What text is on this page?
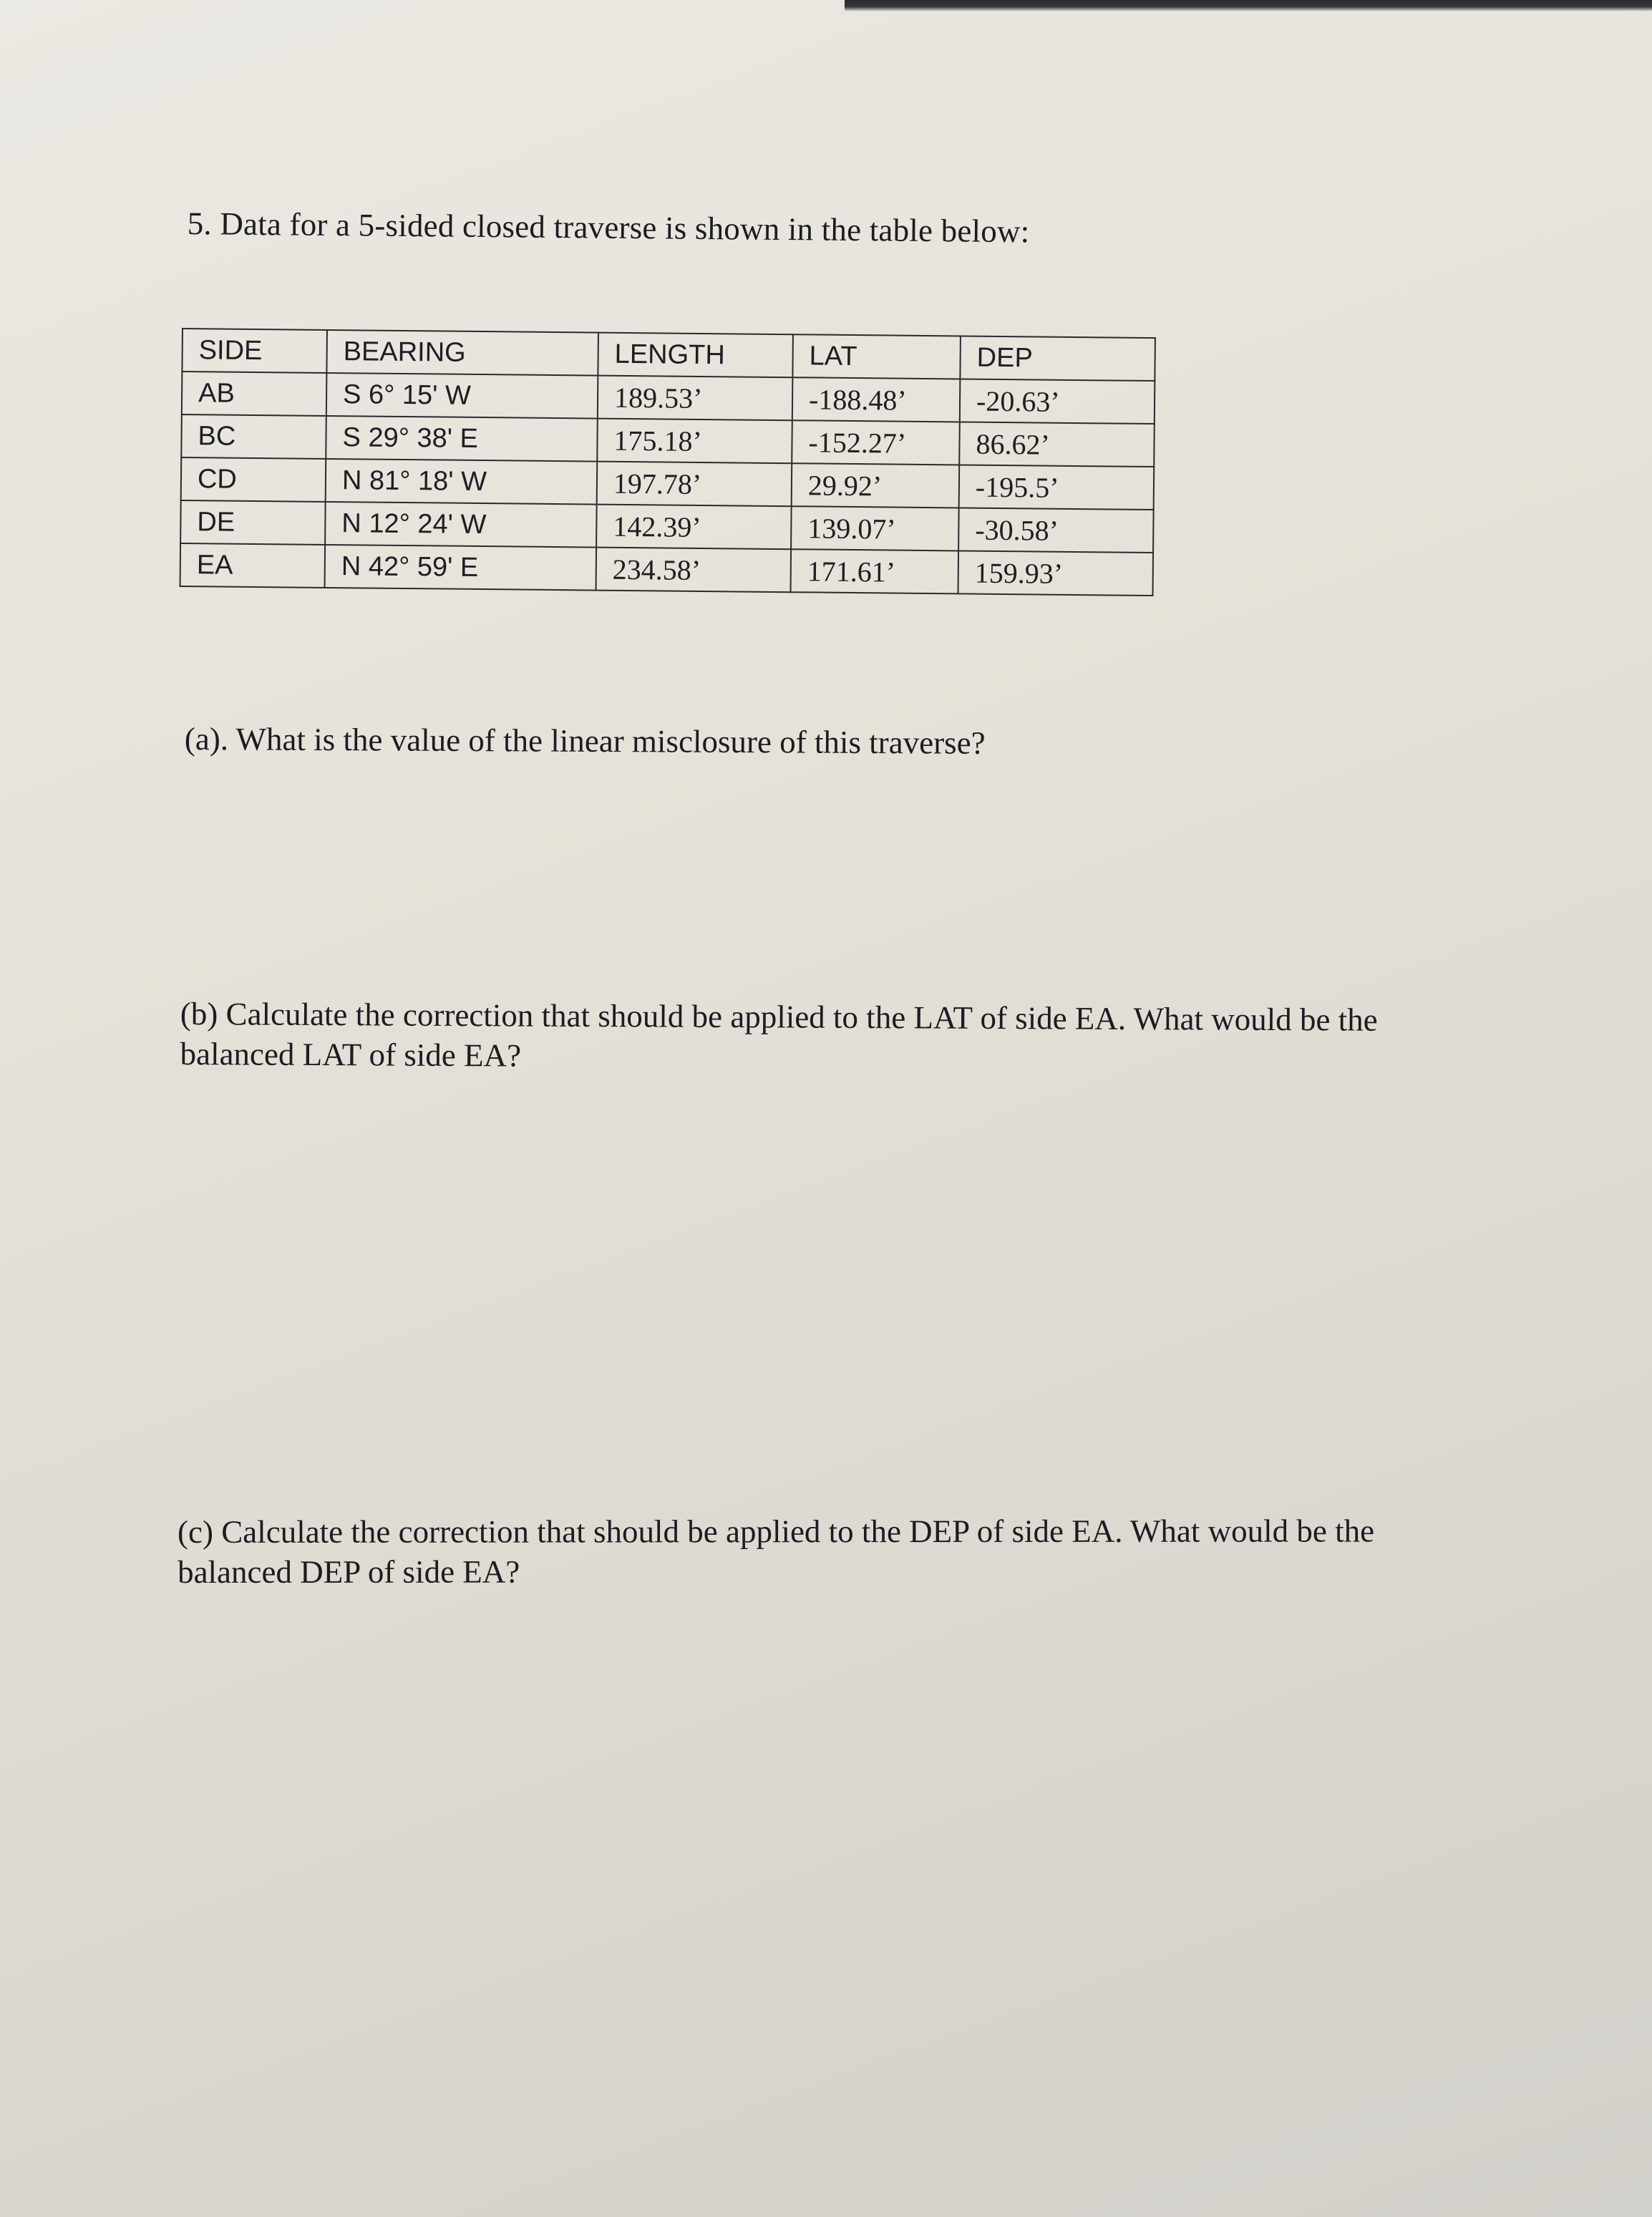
5. Data for a 5-sided closed traverse is shown in the table below:
SIDE	BEARING	LENGTH	LAT	DEP
AB	S 6° 15' W	189.53’	-188.48’	-20.63’
BC	S 29° 38' E	175.18’	-152.27’	86.62’
CD	N 81° 18' W	197.78’	29.92’	-195.5’
DE	N 12° 24' W	142.39’	139.07’	-30.58’
EA	N 42° 59' E	234.58’	171.61’	159.93’
(a). What is the value of the linear misclosure of this traverse?
(b) Calculate the correction that should be applied to the LAT of side EA. What would be the
balanced LAT of side EA?
(c) Calculate the correction that should be applied to the DEP of side EA. What would be the
balanced DEP of side EA?
